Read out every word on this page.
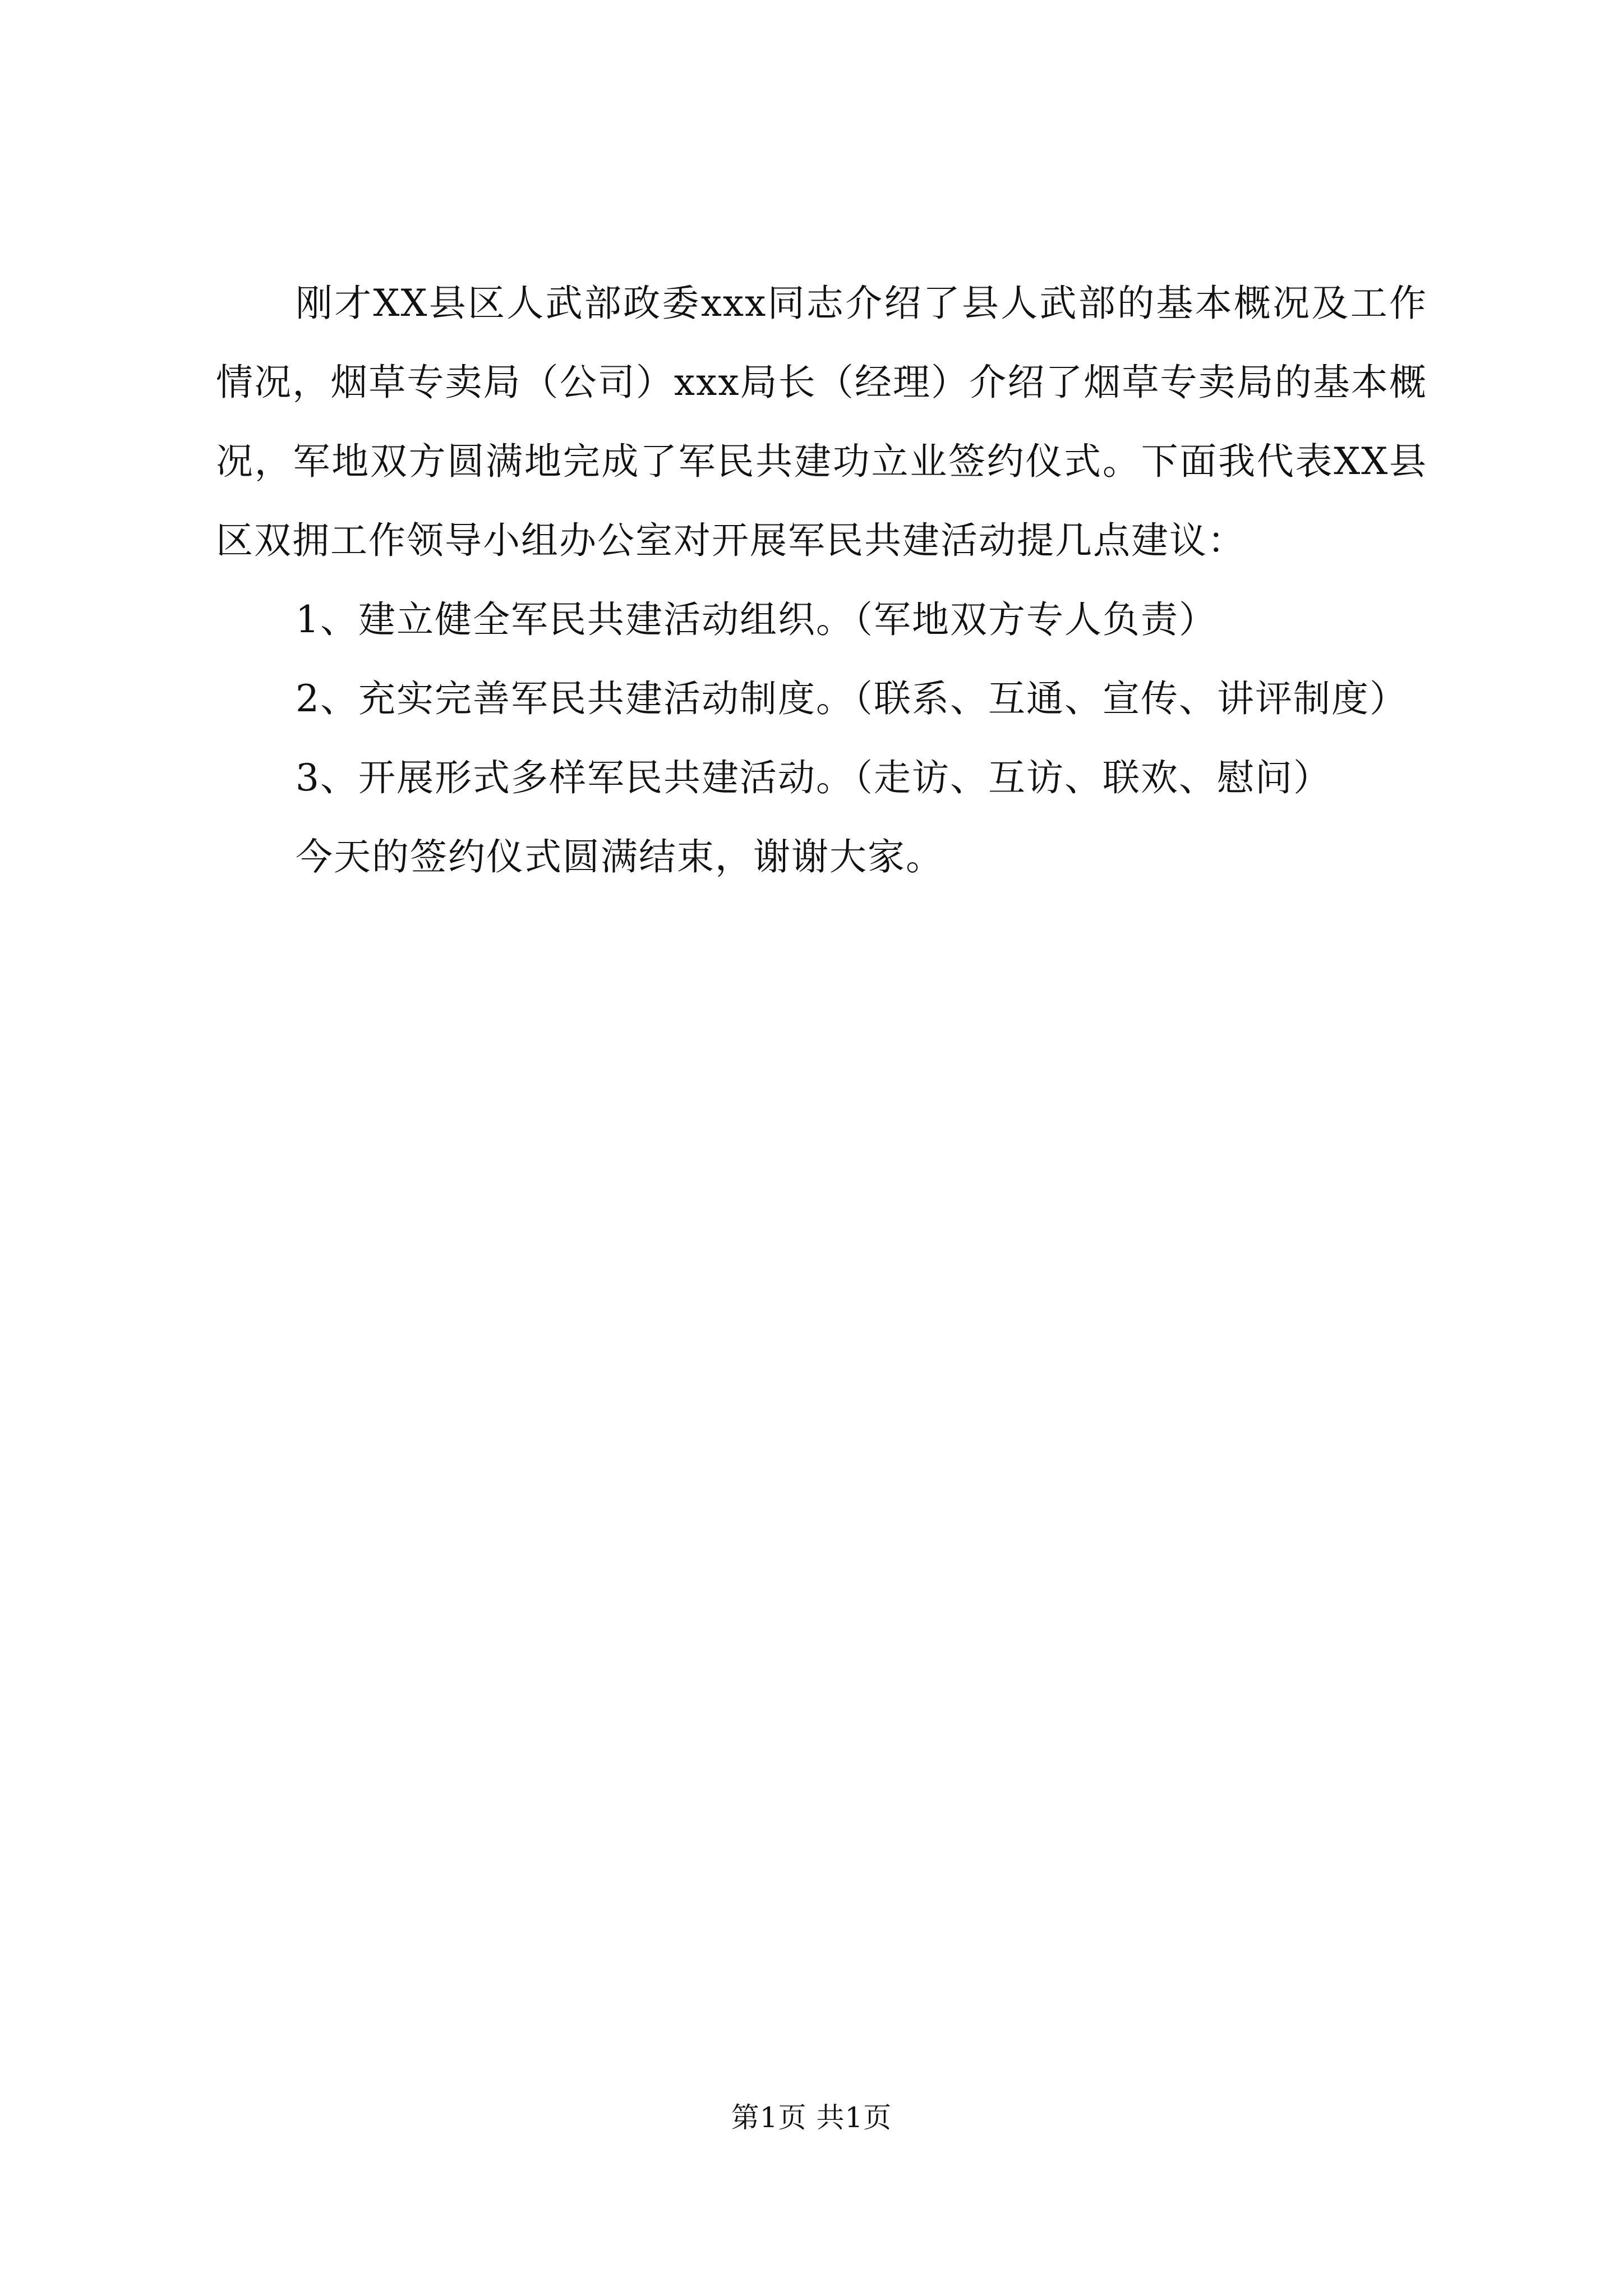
刚才XX县区人武部政委xxx同志介绍了县人武部的基本概况及工作情况，烟草专卖局（公司）xxx局长（经理）介绍了烟草专卖局的基本概况，军地双方圆满地完成了军民共建功立业签约仪式。下面我代表XX县区双拥工作领导小组办公室对开展军民共建活动提几点建议：

1、建立健全军民共建活动组织。（军地双方专人负责）

2、充实完善军民共建活动制度。（联系、互通、宣传、讲评制度）

3、开展形式多样军民共建活动。（走访、互访、联欢、慰问）

今天的签约仪式圆满结束，谢谢大家。

第1页 共1页
